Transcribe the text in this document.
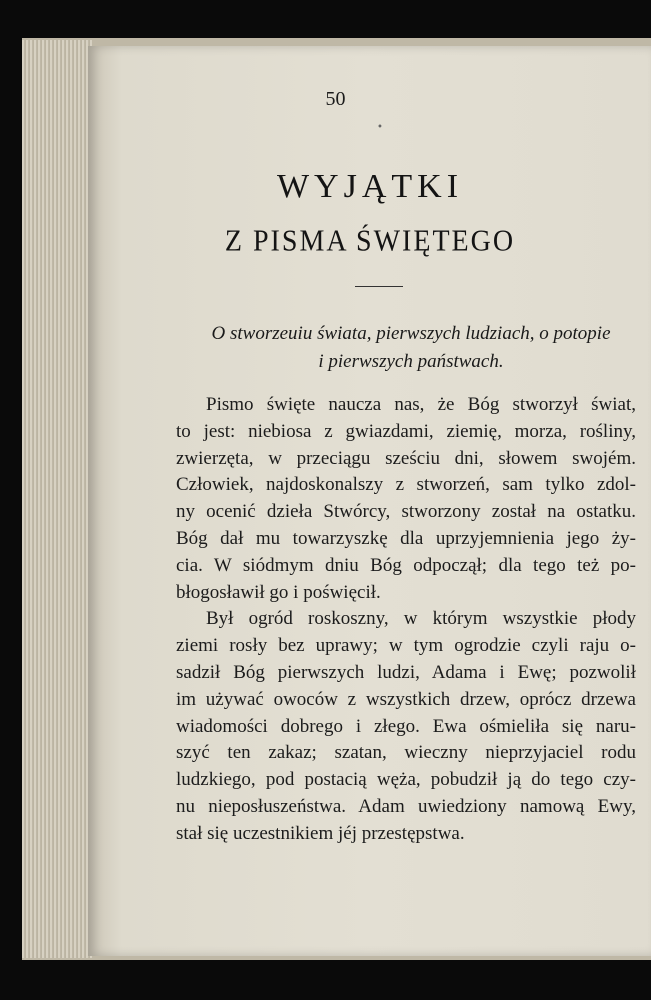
50
•
WYJĄTKI
Z PISMA ŚWIĘTEGO
O stworzeuiu świata, pierwszych ludziach, o potopie
i pierwszych państwach.
Pismo święte naucza nas, że Bóg stworzył świat,
to jest: niebiosa z gwiazdami, ziemię, morza, rośliny,
zwierzęta, w przeciągu sześciu dni, słowem swojém.
Człowiek, najdoskonalszy z stworzeń, sam tylko zdol-
ny ocenić dzieła Stwórcy, stworzony został na ostatku.
Bóg dał mu towarzyszkę dla uprzyjemnienia jego ży-
cia. W siódmym dniu Bóg odpoczął; dla tego też po-
błogosławił go i poświęcił.
Był ogród roskoszny, w którym wszystkie płody
ziemi rosły bez uprawy; w tym ogrodzie czyli raju o-
sadził Bóg pierwszych ludzi, Adama i Ewę; pozwolił
im używać owoców z wszystkich drzew, oprócz drzewa
wiadomości dobrego i złego. Ewa ośmieliła się naru-
szyć ten zakaz; szatan, wieczny nieprzyjaciel rodu
ludzkiego, pod postacią węża, pobudził ją do tego czy-
nu nieposłuszeństwa. Adam uwiedziony namową Ewy,
stał się uczestnikiem jéj przestępstwa.
